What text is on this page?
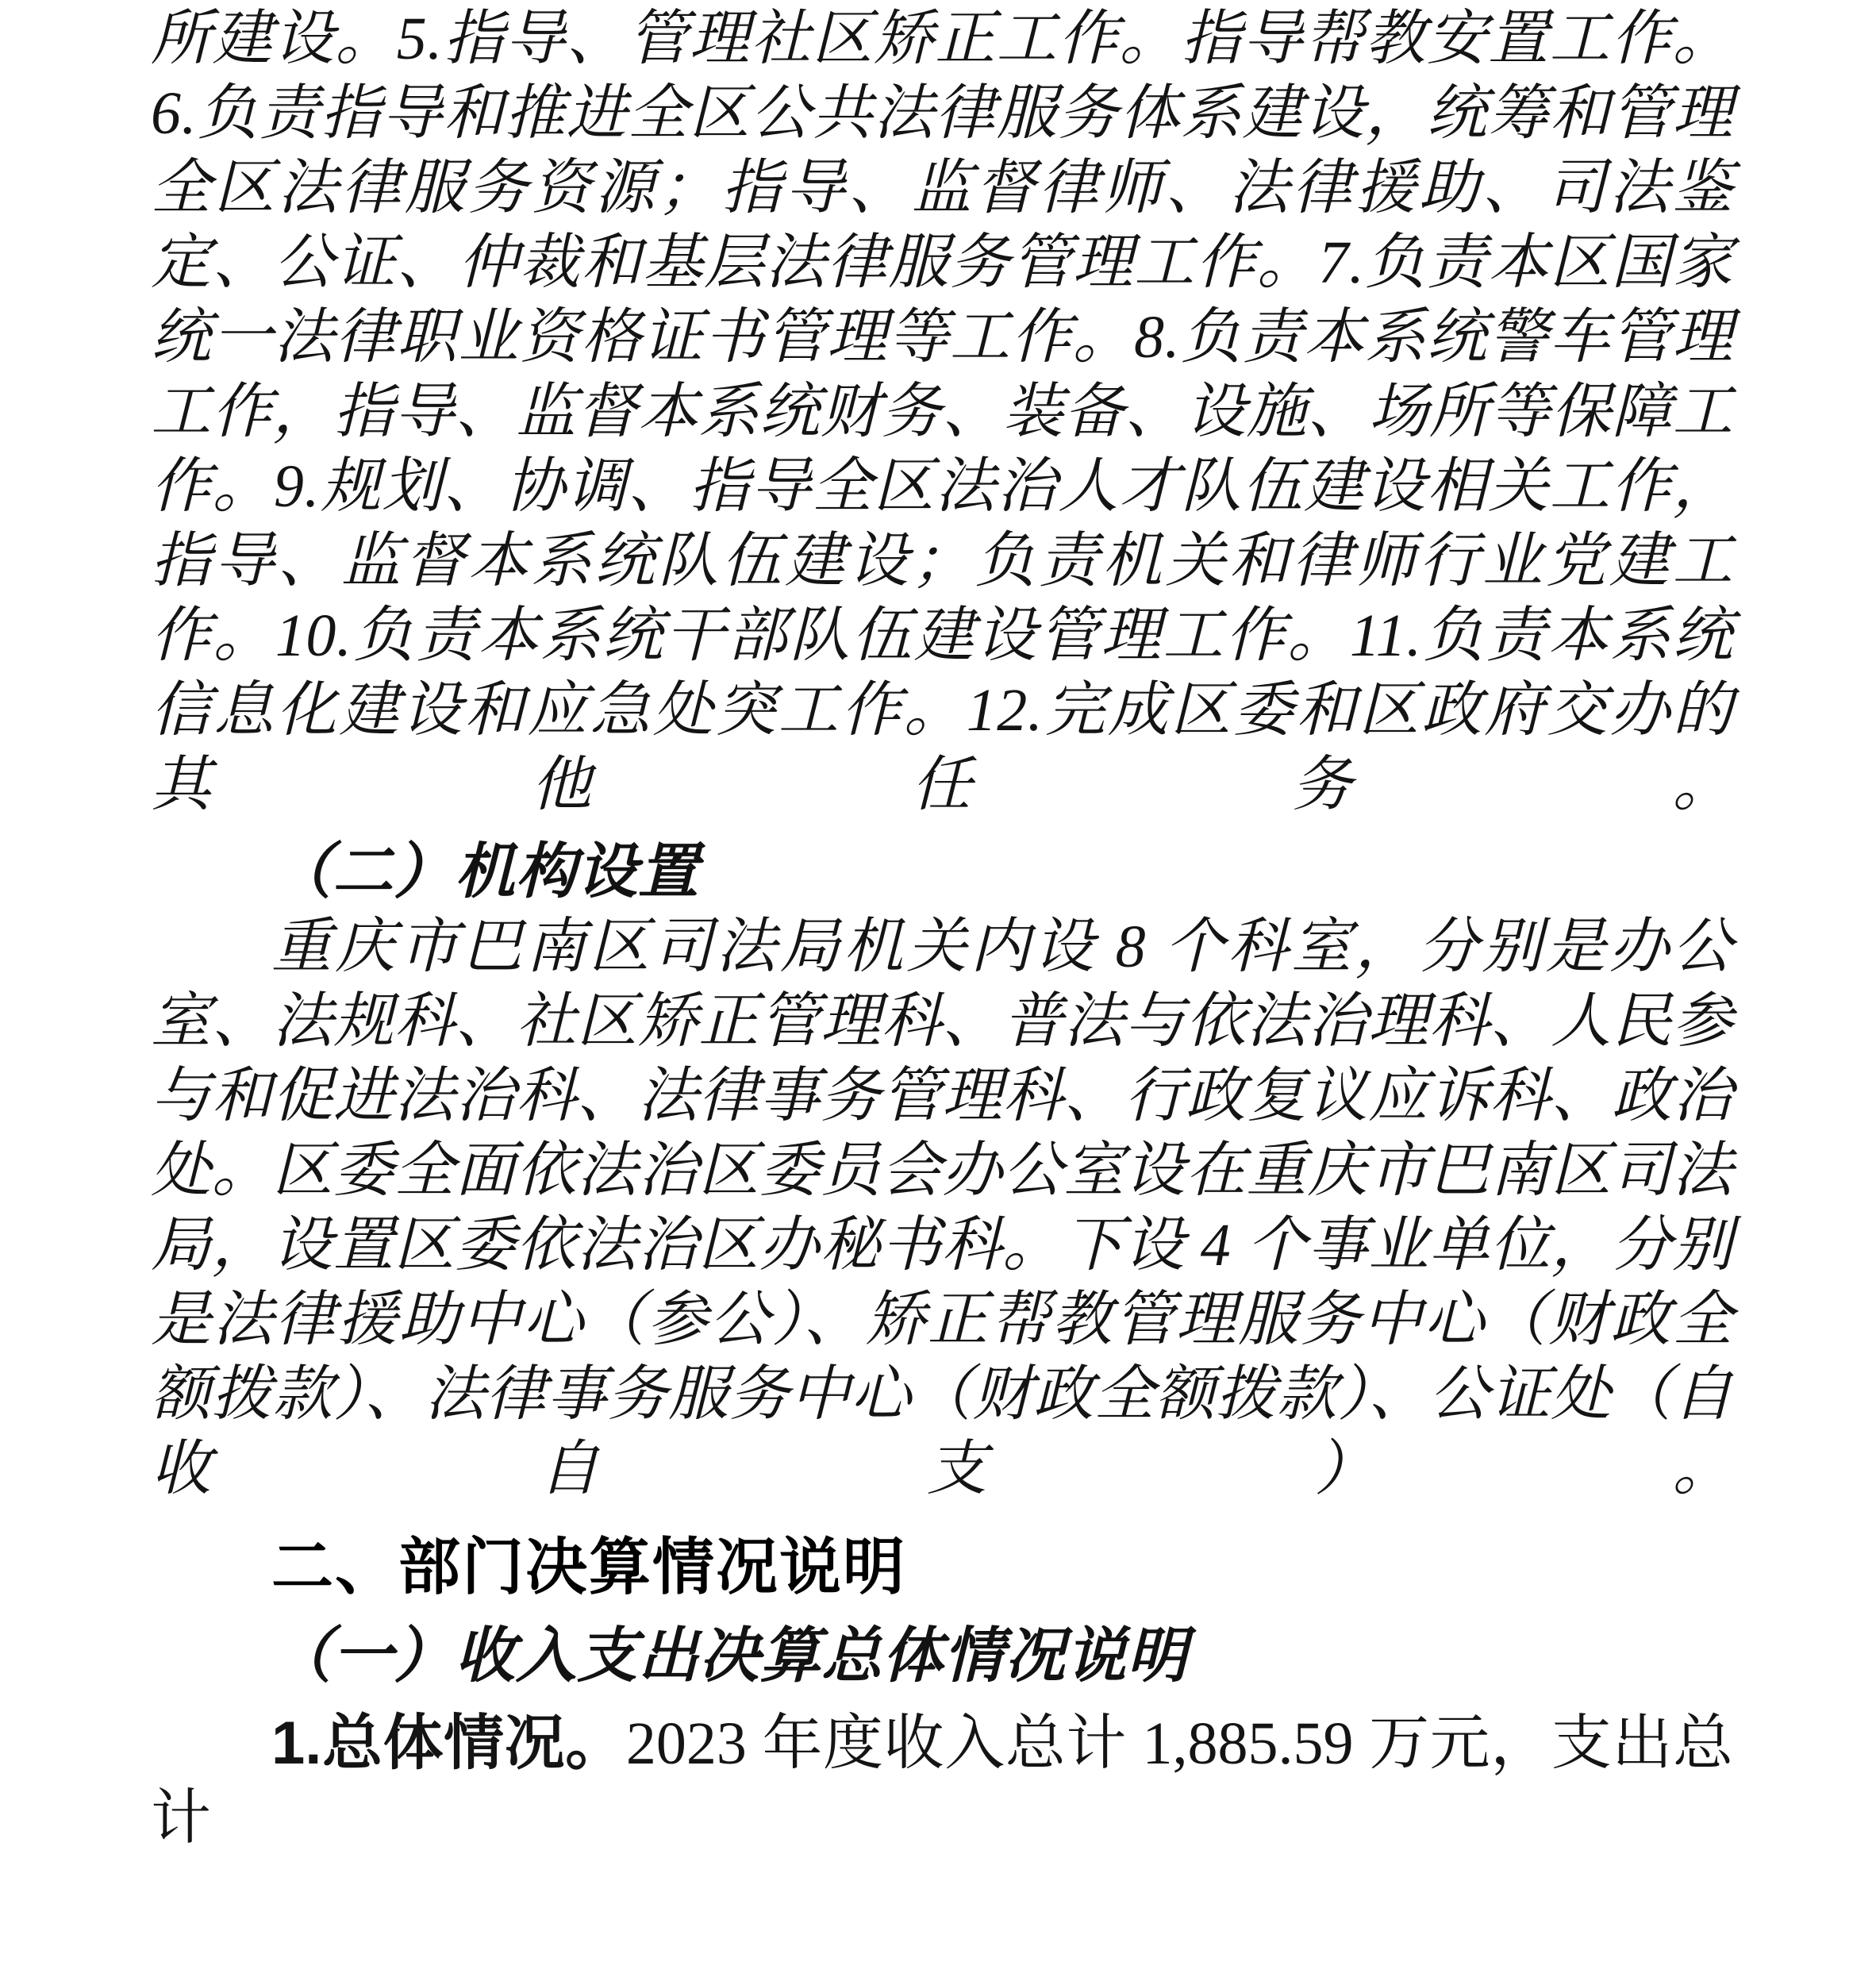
所建设。5.指导、管理社区矫正工作。指导帮教安置工作。6.负责指导和推进全区公共法律服务体系建设，统筹和管理全区法律服务资源；指导、监督律师、法律援助、司法鉴定、公证、仲裁和基层法律服务管理工作。7.负责本区国家统一法律职业资格证书管理等工作。8.负责本系统警车管理工作，指导、监督本系统财务、装备、设施、场所等保障工作。9.规划、协调、指导全区法治人才队伍建设相关工作，指导、监督本系统队伍建设；负责机关和律师行业党建工作。10.负责本系统干部队伍建设管理工作。11.负责本系统信息化建设和应急处突工作。12.完成区委和区政府交办的其他任务。

（二）机构设置

重庆市巴南区司法局机关内设 8 个科室，分别是办公室、法规科、社区矫正管理科、普法与依法治理科、人民参与和促进法治科、法律事务管理科、行政复议应诉科、政治处。区委全面依法治区委员会办公室设在重庆市巴南区司法局，设置区委依法治区办秘书科。下设 4 个事业单位，分别是法律援助中心（参公）、矫正帮教管理服务中心（财政全额拨款）、法律事务服务中心（财政全额拨款）、公证处（自收自支）。

二、部门决算情况说明
（一）收入支出决算总体情况说明

1.总体情况。2023 年度收入总计 1,885.59 万元，支出总计
